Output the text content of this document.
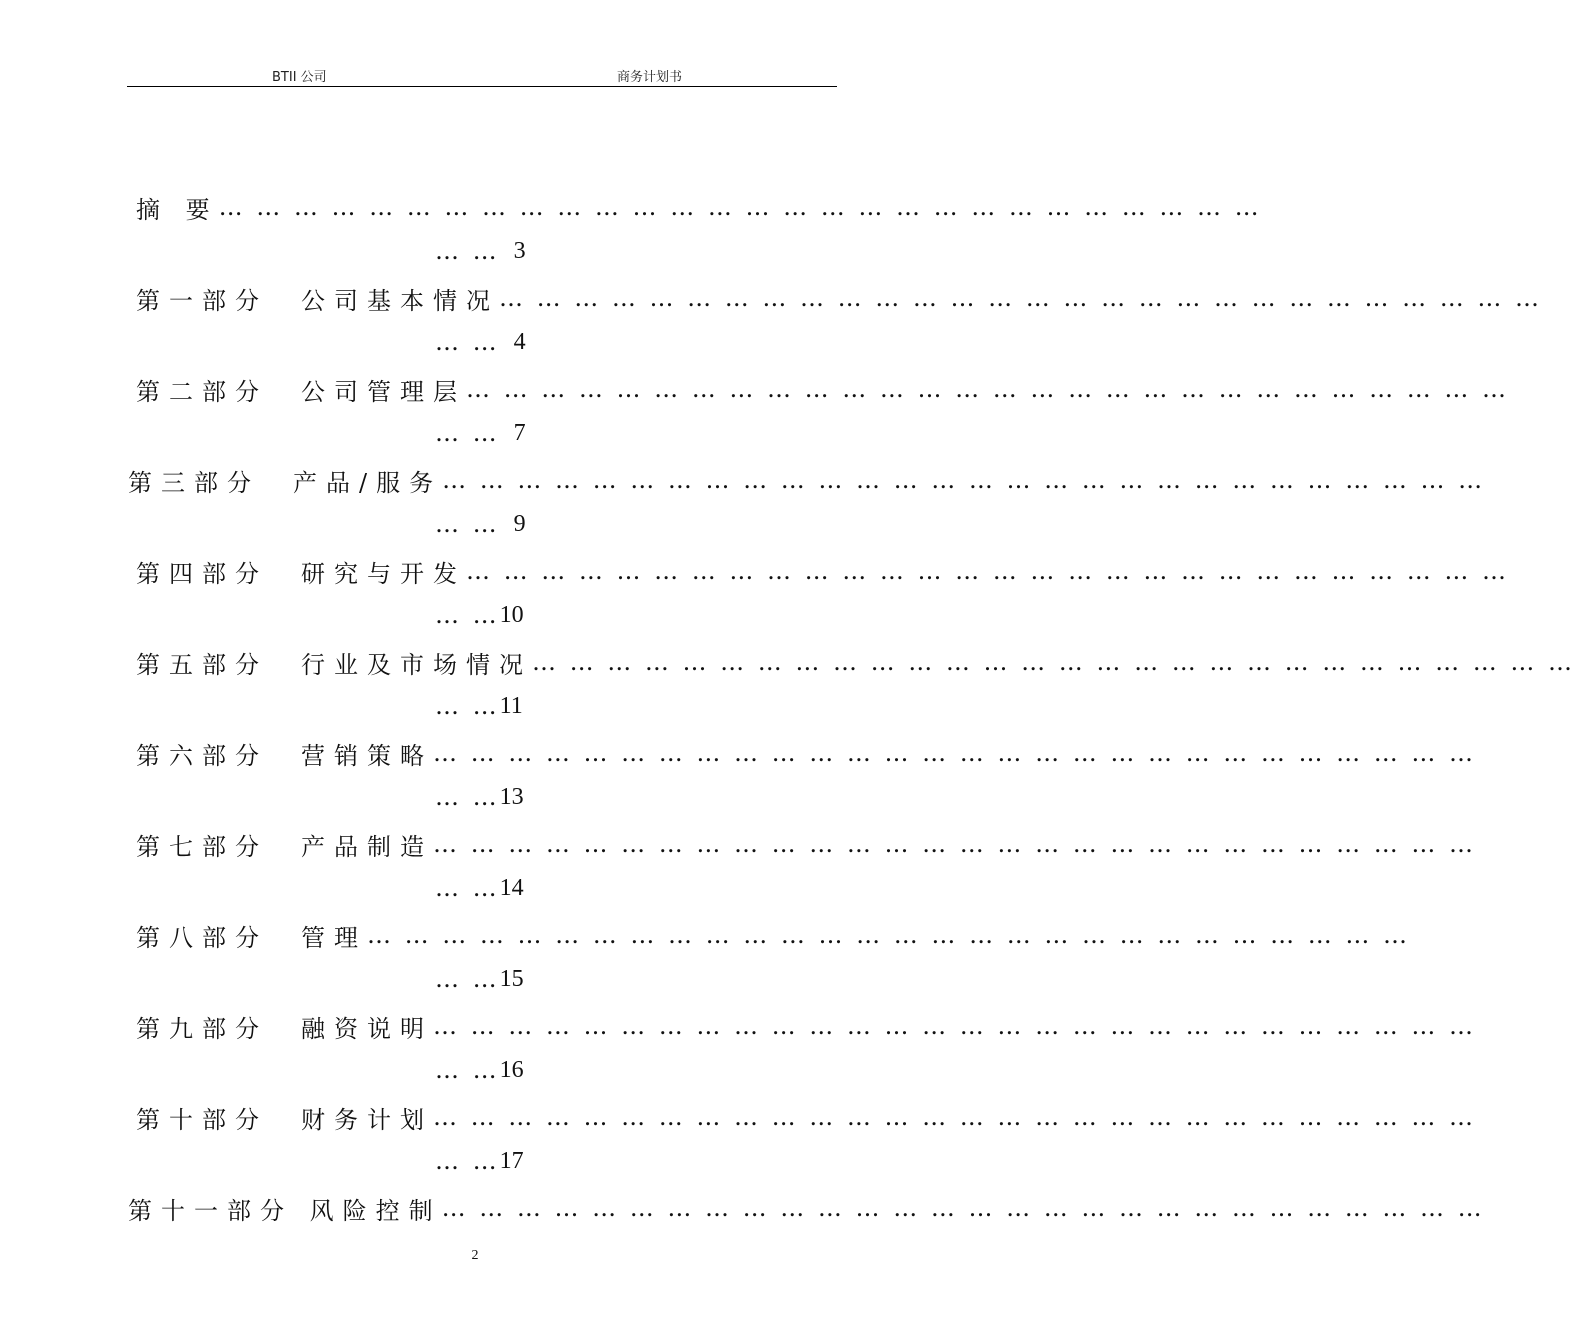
BTII 公司	商务计划书
摘 要 … … … … … … … … … … … … … … … … … … … … … … … … … … … …
… … 3
第一部分　公司基本情况 … … … … … … … … … … … … … … … … … … … … … … … … … … … …
… … 4
第二部分　公司管理层 … … … … … … … … … … … … … … … … … … … … … … … … … … … …
… … 7
第三部分　产品/服务 … … … … … … … … … … … … … … … … … … … … … … … … … … … …
… … 9
第四部分　研究与开发 … … … … … … … … … … … … … … … … … … … … … … … … … … … …
… … 10
第五部分　行业及市场情况 … … … … … … … … … … … … … … … … … … … … … … … … … … … …
… … 11
第六部分　营销策略 … … … … … … … … … … … … … … … … … … … … … … … … … … … …
… … 13
第七部分　产品制造 … … … … … … … … … … … … … … … … … … … … … … … … … … … …
… … 14
第八部分　管理 … … … … … … … … … … … … … … … … … … … … … … … … … … … …
… … 15
第九部分　融资说明 … … … … … … … … … … … … … … … … … … … … … … … … … … … …
… … 16
第十部分　财务计划 … … … … … … … … … … … … … … … … … … … … … … … … … … … …
… … 17
第十一部分 风险控制 … … … … … … … … … … … … … … … … … … … … … … … … … … … …
2
